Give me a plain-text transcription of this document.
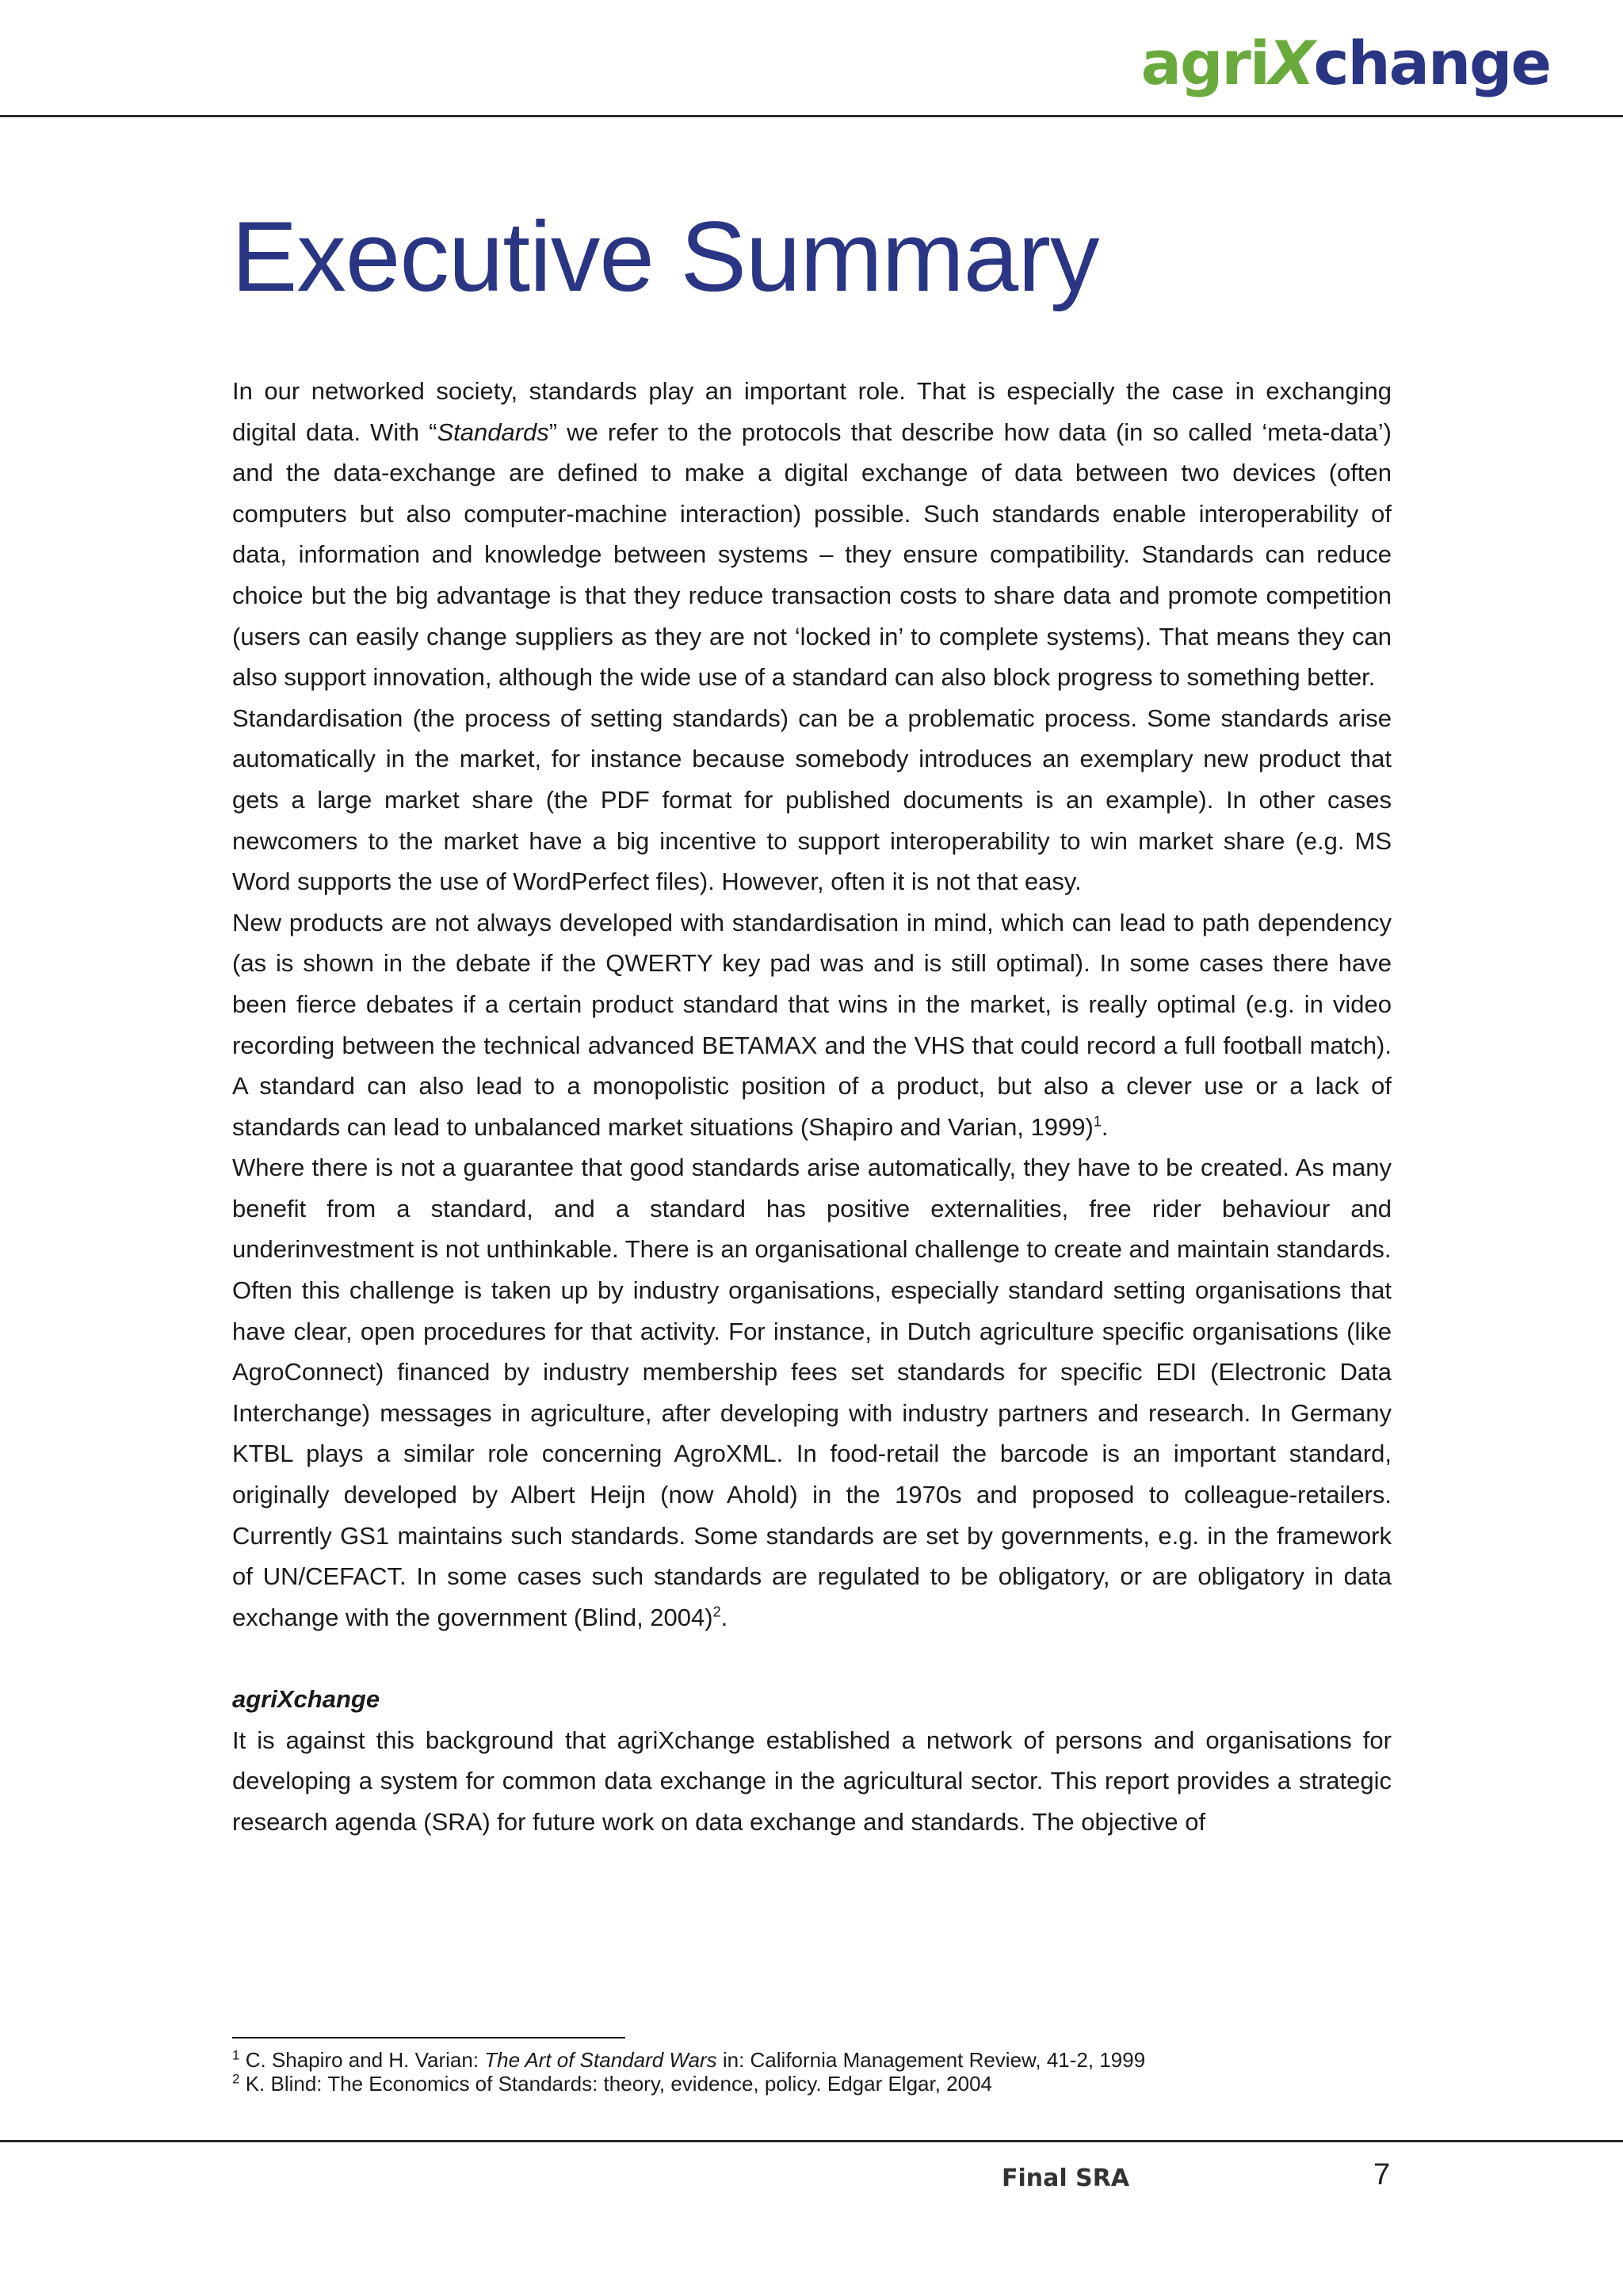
agriXchange
Executive Summary

In our networked society, standards play an important role. That is especially the case in exchanging digital data. With “Standards” we refer to the protocols that describe how data (in so called ‘meta-data’) and the data-exchange are defined to make a digital exchange of data between two devices (often computers but also computer-machine interaction) possible. Such standards enable interoperability of data, information and knowledge between systems – they ensure compatibility. Standards can reduce choice but the big advantage is that they reduce transaction costs to share data and promote competition (users can easily change suppliers as they are not ‘locked in’ to complete systems). That means they can also support innovation, although the wide use of a standard can also block progress to something better.

Standardisation (the process of setting standards) can be a problematic process. Some standards arise automatically in the market, for instance because somebody introduces an exemplary new product that gets a large market share (the PDF format for published documents is an example). In other cases newcomers to the market have a big incentive to support interoperability to win market share (e.g. MS Word supports the use of WordPerfect files). However, often it is not that easy.

New products are not always developed with standardisation in mind, which can lead to path dependency (as is shown in the debate if the QWERTY key pad was and is still optimal). In some cases there have been fierce debates if a certain product standard that wins in the market, is really optimal (e.g. in video recording between the technical advanced BETAMAX and the VHS that could record a full football match). A standard can also lead to a monopolistic position of a product, but also a clever use or a lack of standards can lead to unbalanced market situations (Shapiro and Varian, 1999)$^1$.

Where there is not a guarantee that good standards arise automatically, they have to be created. As many benefit from a standard, and a standard has positive externalities, free rider behaviour and underinvestment is not unthinkable. There is an organisational challenge to create and maintain standards.

Often this challenge is taken up by industry organisations, especially standard setting organisations that have clear, open procedures for that activity. For instance, in Dutch agriculture specific organisations (like AgroConnect) financed by industry membership fees set standards for specific EDI (Electronic Data Interchange) messages in agriculture, after developing with industry partners and research. In Germany KTBL plays a similar role concerning AgroXML. In food-retail the barcode is an important standard, originally developed by Albert Heijn (now Ahold) in the 1970s and proposed to colleague-retailers. Currently GS1 maintains such standards. Some standards are set by governments, e.g. in the framework of UN/CEFACT. In some cases such standards are regulated to be obligatory, or are obligatory in data exchange with the government (Blind, 2004)$^2$.

agriXchange

It is against this background that agriXchange established a network of persons and organisations for developing a system for common data exchange in the agricultural sector. This report provides a strategic research agenda (SRA) for future work on data exchange and standards. The objective of

$^1$ C. Shapiro and H. Varian: The Art of Standard Wars in: California Management Review, 41-2, 1999

$^2$ K. Blind: The Economics of Standards: theory, evidence, policy. Edgar Elgar, 2004

Final SRA	7
